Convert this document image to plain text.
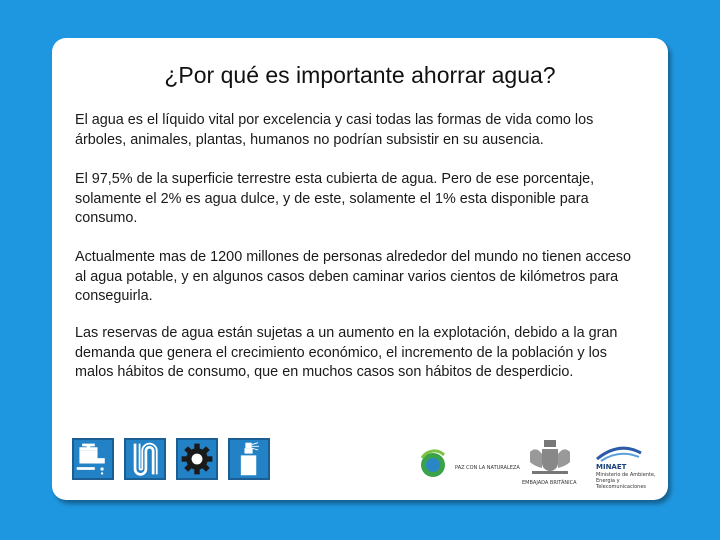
¿Por qué es importante ahorrar agua?

El agua es el líquido vital por excelencia y casi todas las formas de vida como los árboles, animales, plantas, humanos no podrían subsistir en su ausencia.

El 97,5% de la superficie terrestre esta cubierta de agua. Pero de ese porcentaje, solamente el 2% es agua dulce, y de este, solamente el 1% esta disponible para consumo.

Actualmente mas de 1200 millones de personas alrededor del mundo no tienen acceso al agua potable, y en algunos casos deben caminar varios cientos de kilómetros para conseguirla.

Las reservas de agua están sujetas a un aumento en la explotación, debido a la gran demanda que genera el crecimiento económico, el incremento de la población y los malos hábitos de consumo, que en muchos casos son hábitos de desperdicio.

PAZ CON LA NATURALEZA
EMBAJADA BRITÁNICA
MINAET
Ministerio de Ambiente, Energía y Telecomunicaciones
